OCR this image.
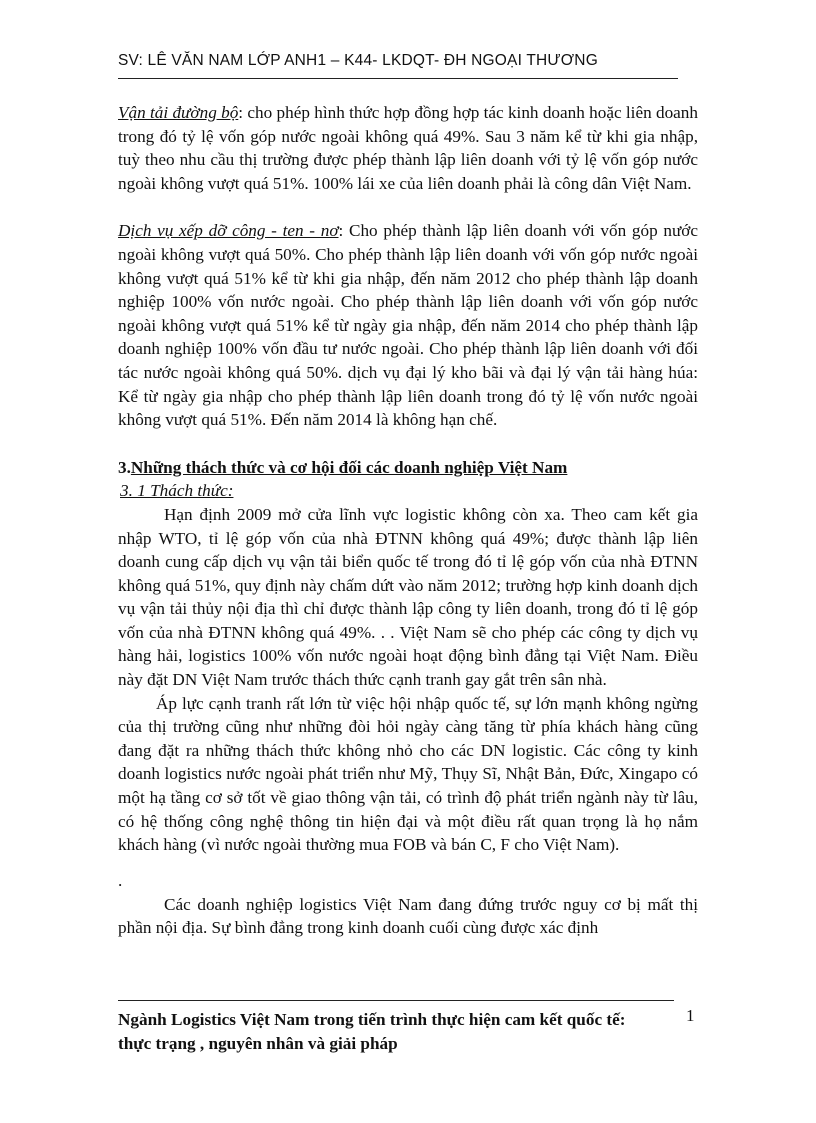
SV: LÊ VĂN NAM LỚP ANH1 – K44- LKDQT- ĐH NGOẠI THƯƠNG

Vận tải đường bộ: cho phép hình thức hợp đồng hợp tác kinh doanh hoặc liên doanh trong đó tỷ lệ vốn góp nước ngoài không quá 49%. Sau 3 năm kể từ khi gia nhập, tuỳ theo nhu cầu thị trường được phép thành lập liên doanh với tỷ lệ vốn góp nước ngoài không vượt quá 51%. 100% lái xe của liên doanh phải là công dân Việt Nam.

Dịch vụ xếp dỡ công - ten - nơ: Cho phép thành lập liên doanh với vốn góp nước ngoài không vượt quá 50%. Cho phép thành lập liên doanh với vốn góp nước ngoài không vượt quá 51% kể từ khi gia nhập, đến năm 2012 cho phép thành lập doanh nghiệp 100% vốn nước ngoài. Cho phép thành lập liên doanh với vốn góp nước ngoài không vượt quá 51% kể từ ngày gia nhập, đến năm 2014 cho phép thành lập doanh nghiệp 100% vốn đầu tư nước ngoài. Cho phép thành lập liên doanh với đối tác nước ngoài không quá 50%. dịch vụ đại lý kho bãi và đại lý vận tải hàng húa: Kể từ ngày gia nhập cho phép thành lập liên doanh trong đó tỷ lệ vốn nước ngoài không vượt quá 51%. Đến năm 2014 là không hạn chế.

3.Những thách thức và cơ hội đối các doanh nghiệp Việt Nam

3. 1 Thách thức:

Hạn định 2009 mở cửa lĩnh vực logistic không còn xa. Theo cam kết gia nhập WTO, tỉ lệ góp vốn của nhà ĐTNN không quá 49%; được thành lập liên doanh cung cấp dịch vụ vận tải biển quốc tế trong đó tỉ lệ góp vốn của nhà ĐTNN không quá 51%, quy định này chấm dứt vào năm 2012; trường hợp kinh doanh dịch vụ vận tải thủy nội địa thì chỉ được thành lập công ty liên doanh, trong đó tỉ lệ góp vốn của nhà ĐTNN không quá 49%. . . Việt Nam sẽ cho phép các công ty dịch vụ hàng hải, logistics 100% vốn nước ngoài hoạt động bình đẳng tại Việt Nam. Điều này đặt DN Việt Nam trước thách thức cạnh tranh gay gắt trên sân nhà.

Áp lực cạnh tranh rất lớn từ việc hội nhập quốc tế, sự lớn mạnh không ngừng của thị trường cũng như những đòi hỏi ngày càng tăng từ phía khách hàng cũng đang đặt ra những thách thức không nhỏ cho các DN logistic. Các công ty kinh doanh logistics nước ngoài phát triển như Mỹ, Thụy Sĩ, Nhật Bản, Đức, Xingapo có một hạ tầng cơ sở tốt về giao thông vận tải, có trình độ phát triển ngành này từ lâu, có hệ thống công nghệ thông tin hiện đại và một điều rất quan trọng là họ nắm khách hàng (vì nước ngoài thường mua FOB và bán C, F cho Việt Nam).

.

Các doanh nghiệp logistics Việt Nam đang đứng trước nguy cơ bị mất thị phần nội địa. Sự bình đẳng trong kinh doanh cuối cùng được xác định

Ngành Logistics Việt Nam trong tiến trình thực hiện cam kết quốc tế: thực trạng , nguyên nhân và giải pháp
1
